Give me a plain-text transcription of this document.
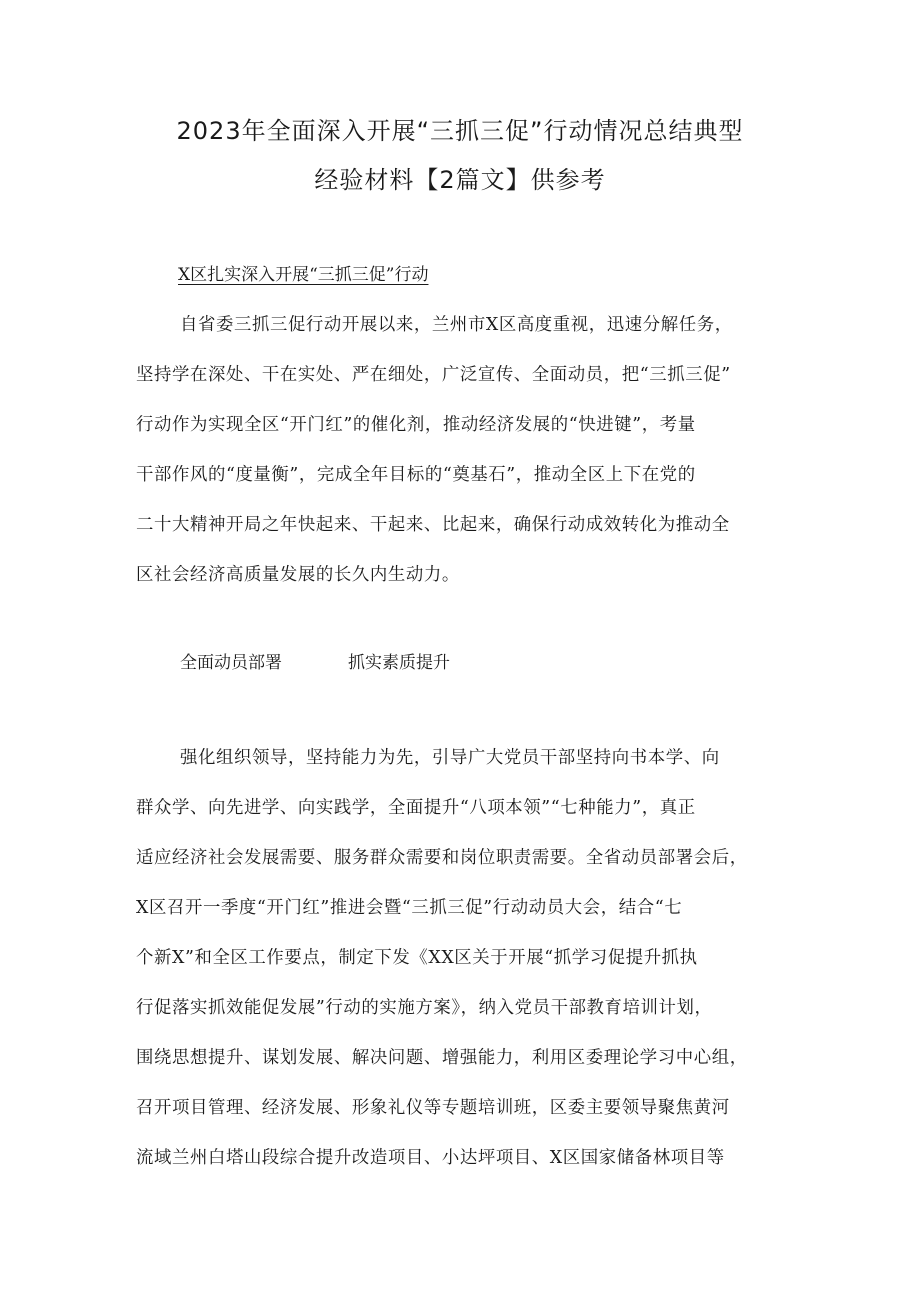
2023年全面深入开展“三抓三促”行动情况总结典型
经验材料【2篇文】供参考
X区扎实深入开展“三抓三促”行动
自省委三抓三促行动开展以来，兰州市X区高度重视，迅速分解任务，
坚持学在深处、干在实处、严在细处，广泛宣传、全面动员，把“三抓三促”
行动作为实现全区“开门红”的催化剂，推动经济发展的“快进键”，考量
干部作风的“度量衡”，完成全年目标的“奠基石”，推动全区上下在党的
二十大精神开局之年快起来、干起来、比起来，确保行动成效转化为推动全
区社会经济高质量发展的长久内生动力。
全面动员部署	抓实素质提升
强化组织领导，坚持能力为先，引导广大党员干部坚持向书本学、向
群众学、向先进学、向实践学，全面提升“八项本领”“七种能力”，真正
适应经济社会发展需要、服务群众需要和岗位职责需要。全省动员部署会后，
X区召开一季度“开门红”推进会暨“三抓三促”行动动员大会，结合“七
个新X”和全区工作要点，制定下发《XX区关于开展“抓学习促提升抓执
行促落实抓效能促发展”行动的实施方案》，纳入党员干部教育培训计划，
围绕思想提升、谋划发展、解决问题、增强能力，利用区委理论学习中心组，
召开项目管理、经济发展、形象礼仪等专题培训班，区委主要领导聚焦黄河
流域兰州白塔山段综合提升改造项目、小达坪项目、X区国家储备林项目等
